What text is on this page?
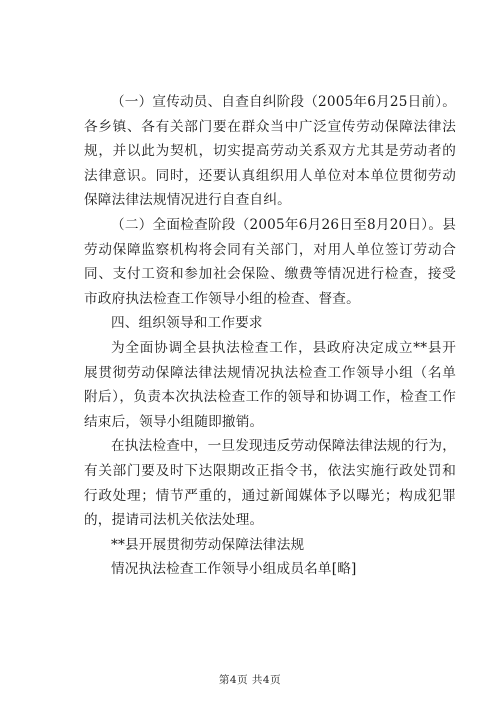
（一）宣传动员、自查自纠阶段（2005年6月25日前）。各乡镇、各有关部门要在群众当中广泛宣传劳动保障法律法规，并以此为契机，切实提高劳动关系双方尤其是劳动者的法律意识。同时，还要认真组织用人单位对本单位贯彻劳动保障法律法规情况进行自查自纠。

（二）全面检查阶段（2005年6月26日至8月20日）。县劳动保障监察机构将会同有关部门，对用人单位签订劳动合同、支付工资和参加社会保险、缴费等情况进行检查，接受市政府执法检查工作领导小组的检查、督查。

四、组织领导和工作要求

为全面协调全县执法检查工作，县政府决定成立**县开展贯彻劳动保障法律法规情况执法检查工作领导小组（名单附后），负责本次执法检查工作的领导和协调工作，检查工作结束后，领导小组随即撤销。

在执法检查中，一旦发现违反劳动保障法律法规的行为，有关部门要及时下达限期改正指令书，依法实施行政处罚和行政处理；情节严重的，通过新闻媒体予以曝光；构成犯罪的，提请司法机关依法处理。

**县开展贯彻劳动保障法律法规

情况执法检查工作领导小组成员名单[略]

第4页 共4页
